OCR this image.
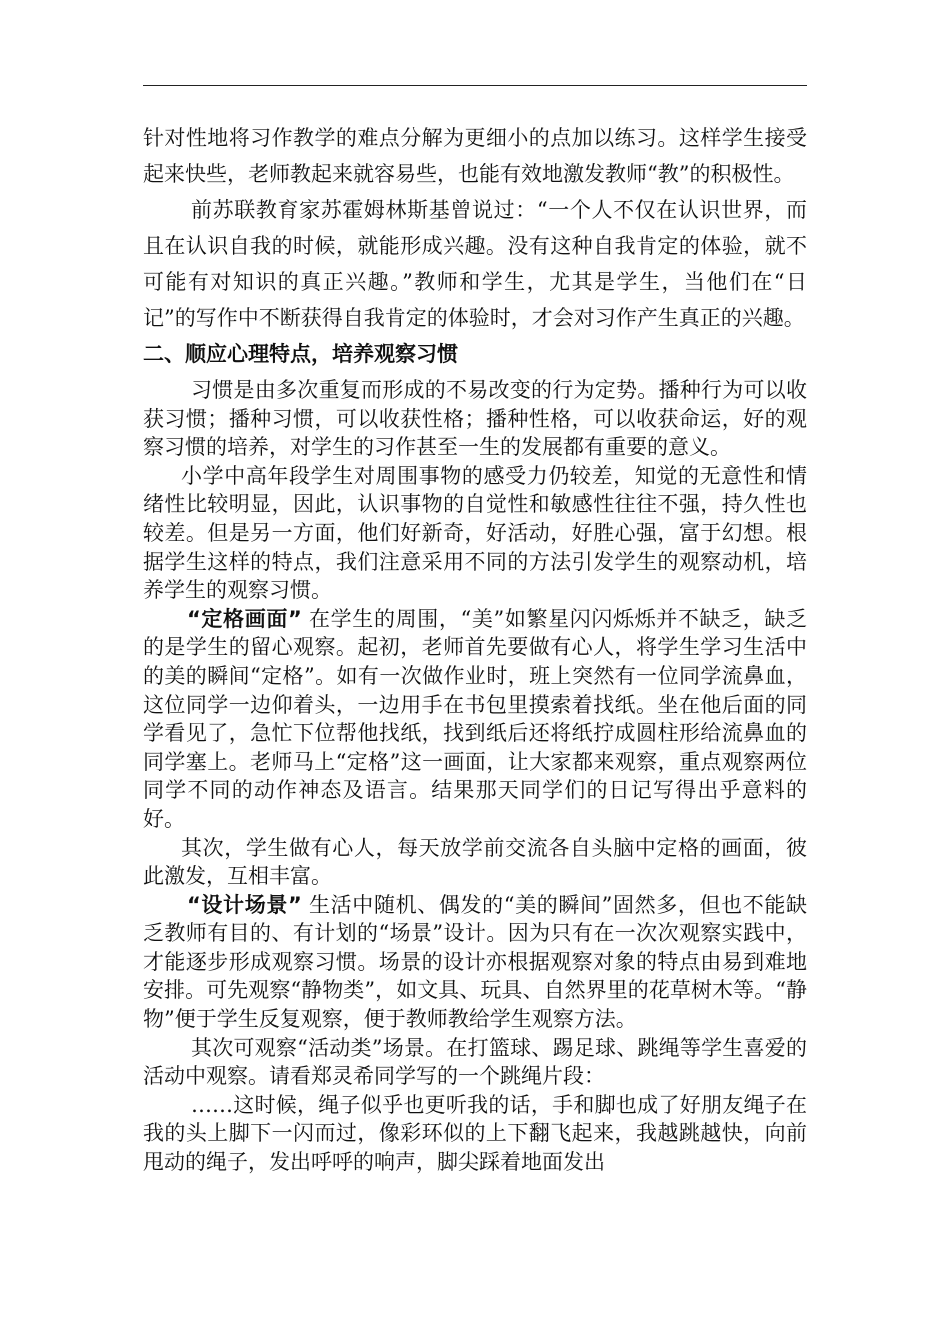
针对性地将习作教学的难点分解为更细小的点加以练习。这样学生接受起来快些，老师教起来就容易些，也能有效地激发教师“教”的积极性。

前苏联教育家苏霍姆林斯基曾说过：“一个人不仅在认识世界，而且在认识自我的时候，就能形成兴趣。没有这种自我肯定的体验，就不可能有对知识的真正兴趣。”教师和学生，尤其是学生，当他们在“日记”的写作中不断获得自我肯定的体验时，才会对习作产生真正的兴趣。

二、顺应心理特点，培养观察习惯

习惯是由多次重复而形成的不易改变的行为定势。播种行为可以收获习惯；播种习惯，可以收获性格；播种性格，可以收获命运，好的观察习惯的培养，对学生的习作甚至一生的发展都有重要的意义。

小学中高年段学生对周围事物的感受力仍较差，知觉的无意性和情绪性比较明显，因此，认识事物的自觉性和敏感性往往不强，持久性也较差。但是另一方面，他们好新奇，好活动，好胜心强，富于幻想。根据学生这样的特点，我们注意采用不同的方法引发学生的观察动机，培养学生的观察习惯。

“定格画面” 在学生的周围，“美”如繁星闪闪烁烁并不缺乏，缺乏的是学生的留心观察。起初，老师首先要做有心人，将学生学习生活中的美的瞬间“定格”。如有一次做作业时，班上突然有一位同学流鼻血，这位同学一边仰着头，一边用手在书包里摸索着找纸。坐在他后面的同学看见了，急忙下位帮他找纸，找到纸后还将纸拧成圆柱形给流鼻血的同学塞上。老师马上“定格”这一画面，让大家都来观察，重点观察两位同学不同的动作神态及语言。结果那天同学们的日记写得出乎意料的好。

其次，学生做有心人，每天放学前交流各自头脑中定格的画面，彼此激发，互相丰富。

“设计场景” 生活中随机、偶发的“美的瞬间”固然多，但也不能缺乏教师有目的、有计划的“场景”设计。因为只有在一次次观察实践中，才能逐步形成观察习惯。场景的设计亦根据观察对象的特点由易到难地安排。可先观察“静物类”，如文具、玩具、自然界里的花草树木等。“静物”便于学生反复观察，便于教师教给学生观察方法。

其次可观察“活动类”场景。在打篮球、踢足球、跳绳等学生喜爱的活动中观察。请看郑灵希同学写的一个跳绳片段：

……这时候，绳子似乎也更听我的话，手和脚也成了好朋友绳子在我的头上脚下一闪而过，像彩环似的上下翻飞起来，我越跳越快，向前甩动的绳子，发出呼呼的响声，脚尖踩着地面发出
